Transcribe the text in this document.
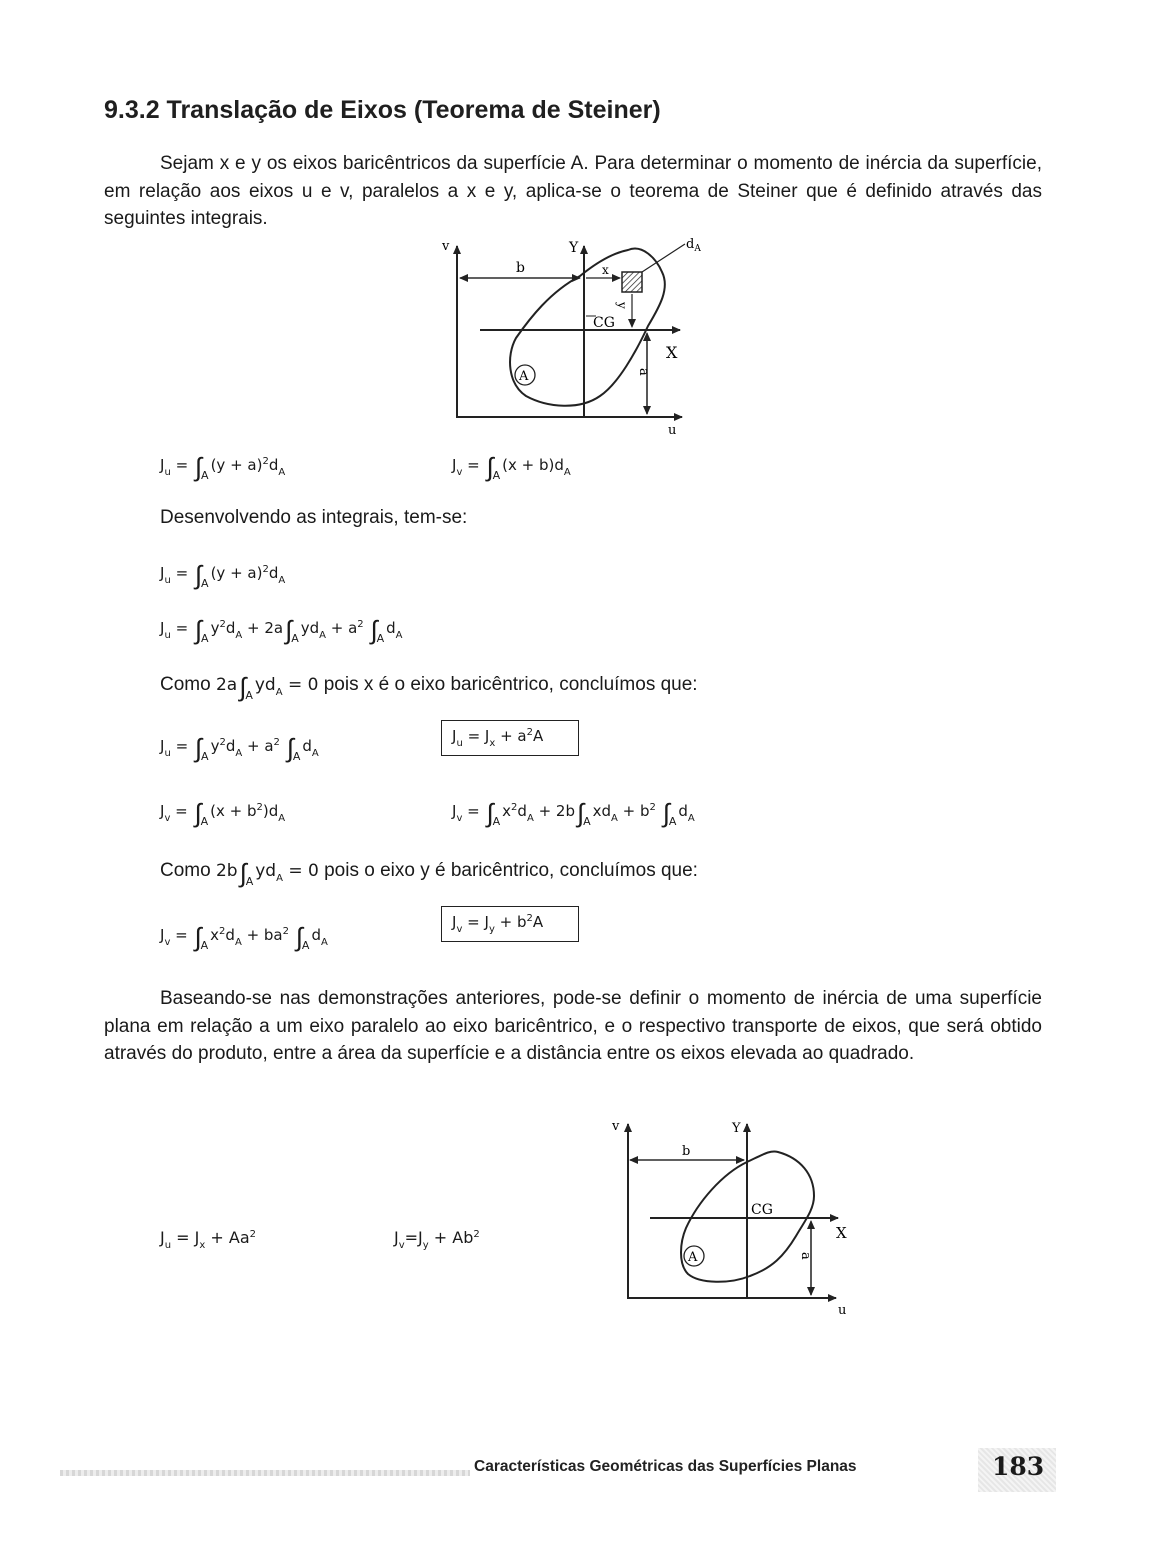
9.3.2 Translação de Eixos (Teorema de Steiner)

Sejam x e y os eixos baricêntricos da superfície A. Para determinar o momento de inércia da superfície, em relação aos eixos u e v, paralelos a x e y, aplica-se o teorema de Steiner que é definido através das seguintes integrais.

b	x
y
$d_A$
v	Y
CG
X
A	a
u
$J_u = \int_A(y + a)^2d_A$	$J_v = \int_A(x + b)d_A$
Desenvolvendo as integrais, tem-se:
$J_u = \int_A(y + a)^2d_A$
$J_u = \int_Ay^2d_A + 2a\int_Ayd_A + a^2$ $\int_Ad_A$
Como $2a\int_Ayd_A = 0$ pois x é o eixo baricêntrico, concluímos que:
$J_u = \int_Ay^2d_A + a^2$ $\int_Ad_A$
$J_u = J_x + a^2A$
$J_v = \int_A(x + b^2)d_A$	$J_v = \int_Ax^2d_A + 2b\int_Axd_A + b^2$ $\int_Ad_A$
Como $2b\int_Ayd_A = 0$ pois o eixo y é baricêntrico, concluímos que:
$J_v = \int_Ax^2d_A + ba^2$ $\int_Ad_A$
$J_v = J_y + b^2A$

Baseando-se nas demonstrações anteriores, pode-se definir o momento de inércia de uma superfície plana em relação a um eixo paralelo ao eixo baricêntrico, e o respectivo transporte de eixos, que será obtido através do produto, entre a área da superfície e a distância entre os eixos elevada ao quadrado.

$J_u = J_x + Aa^2$	$J_v=J_y + Ab^2$
b
v	Y
CG
X
A	a
u
Características Geométricas das Superfícies Planas	183
